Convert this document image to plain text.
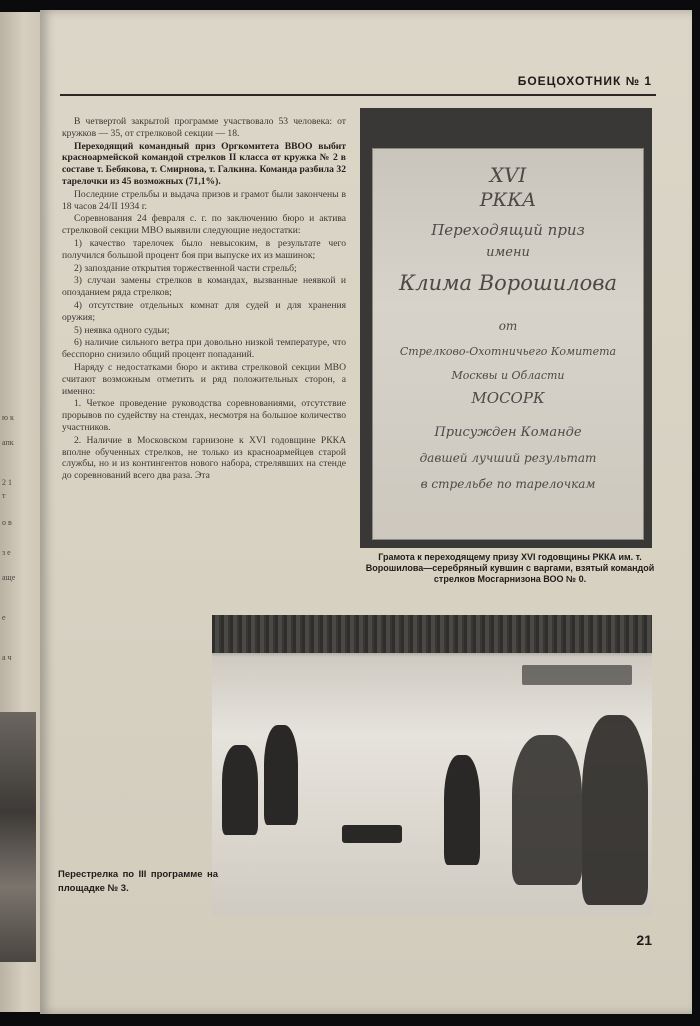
ю к
апк
2 1
т
о в
з е
аще
е
а ч
БОЕЦОХОТНИК № 1

В четвертой закрытой программе участвовало 53 человека: от кружков — 35, от стрелковой секции — 18.

Переходящий командный приз Оргкомитета ВВОО выбит красноармейской командой стрелков II класса от кружка № 2 в составе т. Бебякова, т. Смирнова, т. Галкина. Команда разбила 32 тарелочки из 45 возможных (71,1%).

Последние стрельбы и выдача призов и грамот были закончены в 18 часов 24/II 1934 г.

Соревнования 24 февраля с. г. по заключению бюро и актива стрелковой секции МВО выявили следующие недостатки:

1) качество тарелочек было невысоким, в результате чего получился большой процент боя при выпуске их из машинок;

2) запоздание открытия торжественной части стрельб;

3) случаи замены стрелков в командах, вызванные неявкой и опозданием ряда стрелков;

4) отсутствие отдельных комнат для судей и для хранения оружия;

5) неявка одного судьи;

6) наличие сильного ветра при довольно низкой температуре, что бесспорно снизило общий процент попаданий.

Наряду с недостатками бюро и актива стрелковой секции МВО считают возможным отметить и ряд положительных сторон, а именно:

1. Четкое проведение руководства соревнованиями, отсутствие прорывов по судейству на стендах, несмотря на большое количество участников.

2. Наличие в Московском гарнизоне к XVI годовщине РККА вполне обученных стрелков, не только из красноармейцев старой службы, но и из контингентов нового набора, стрелявших на стенде до соревнований всего два раза. Эта

XVI
РККА
Переходящий приз
имени
Клима Ворошилова
от
Стрелково-Охотничьего Комитета
Москвы и Области
МОСОРК
Присужден Команде
давшей лучший результат
в стрельбе по тарелочкам
Грамота к переходящему призу XVI годовщины РККА им. т. Ворошилова—серебряный кувшин с варгами, взятый командой стрелков Мосгарнизона ВОО № 0.
Перестрелка по III программе на площадке № 3.
21
